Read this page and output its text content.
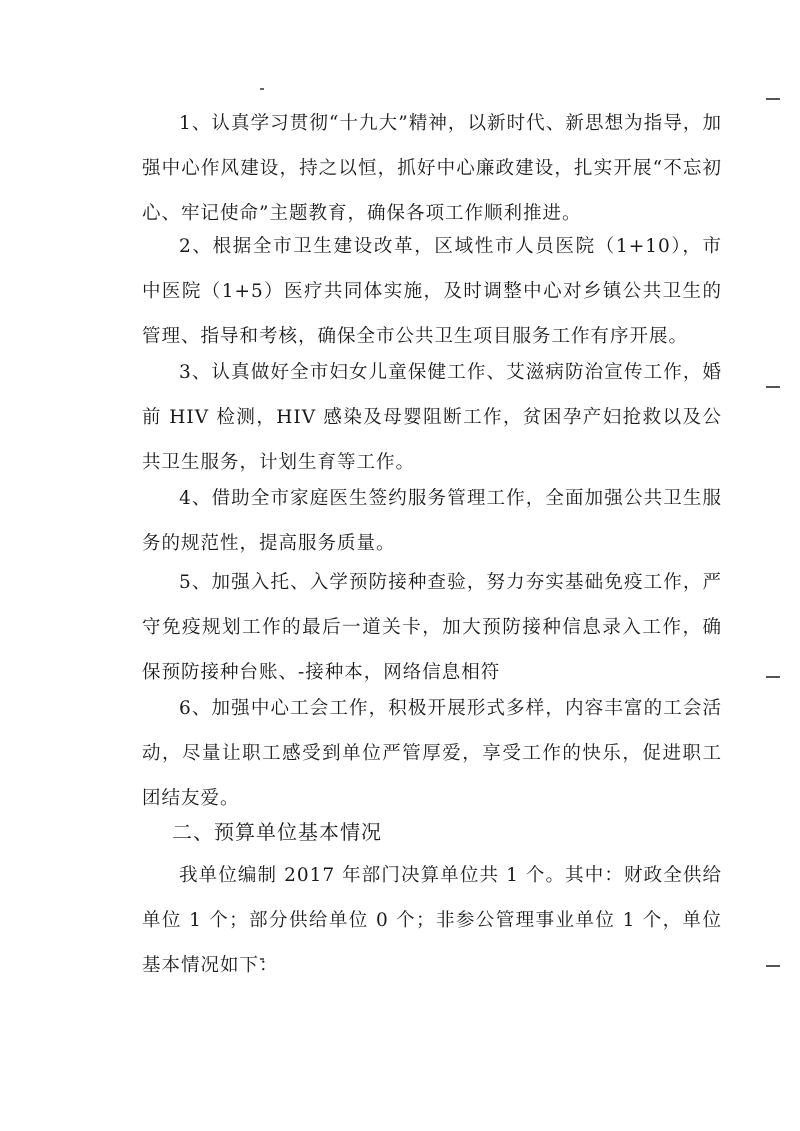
1、认真学习贯彻“十九大”精神，以新时代、新思想为指导，加强中心作风建设，持之以恒，抓好中心廉政建设，扎实开展“不忘初心、牢记使命”主题教育，确保各项工作顺利推进。

2、根据全市卫生建设改革，区域性市人员医院（1+10），市中医院（1+5）医疗共同体实施，及时调整中心对乡镇公共卫生的管理、指导和考核，确保全市公共卫生项目服务工作有序开展。

3、认真做好全市妇女儿童保健工作、艾滋病防治宣传工作，婚前 HIV 检测，HIV 感染及母婴阻断工作，贫困孕产妇抢救以及公共卫生服务，计划生育等工作。

4、借助全市家庭医生签约服务管理工作，全面加强公共卫生服务的规范性，提高服务质量。

5、加强入托、入学预防接种查验，努力夯实基础免疫工作，严守免疫规划工作的最后一道关卡，加大预防接种信息录入工作，确保预防接种台账、-接种本，网络信息相符

6、加强中心工会工作，积极开展形式多样，内容丰富的工会活动，尽量让职工感受到单位严管厚爱，享受工作的快乐，促进职工团结友爱。

二、预算单位基本情况

我单位编制 2017 年部门决算单位共 1 个。其中：财政全供给单位 1 个；部分供给单位 0 个；非参公管理事业单位 1 个，单位基本情况如下：
